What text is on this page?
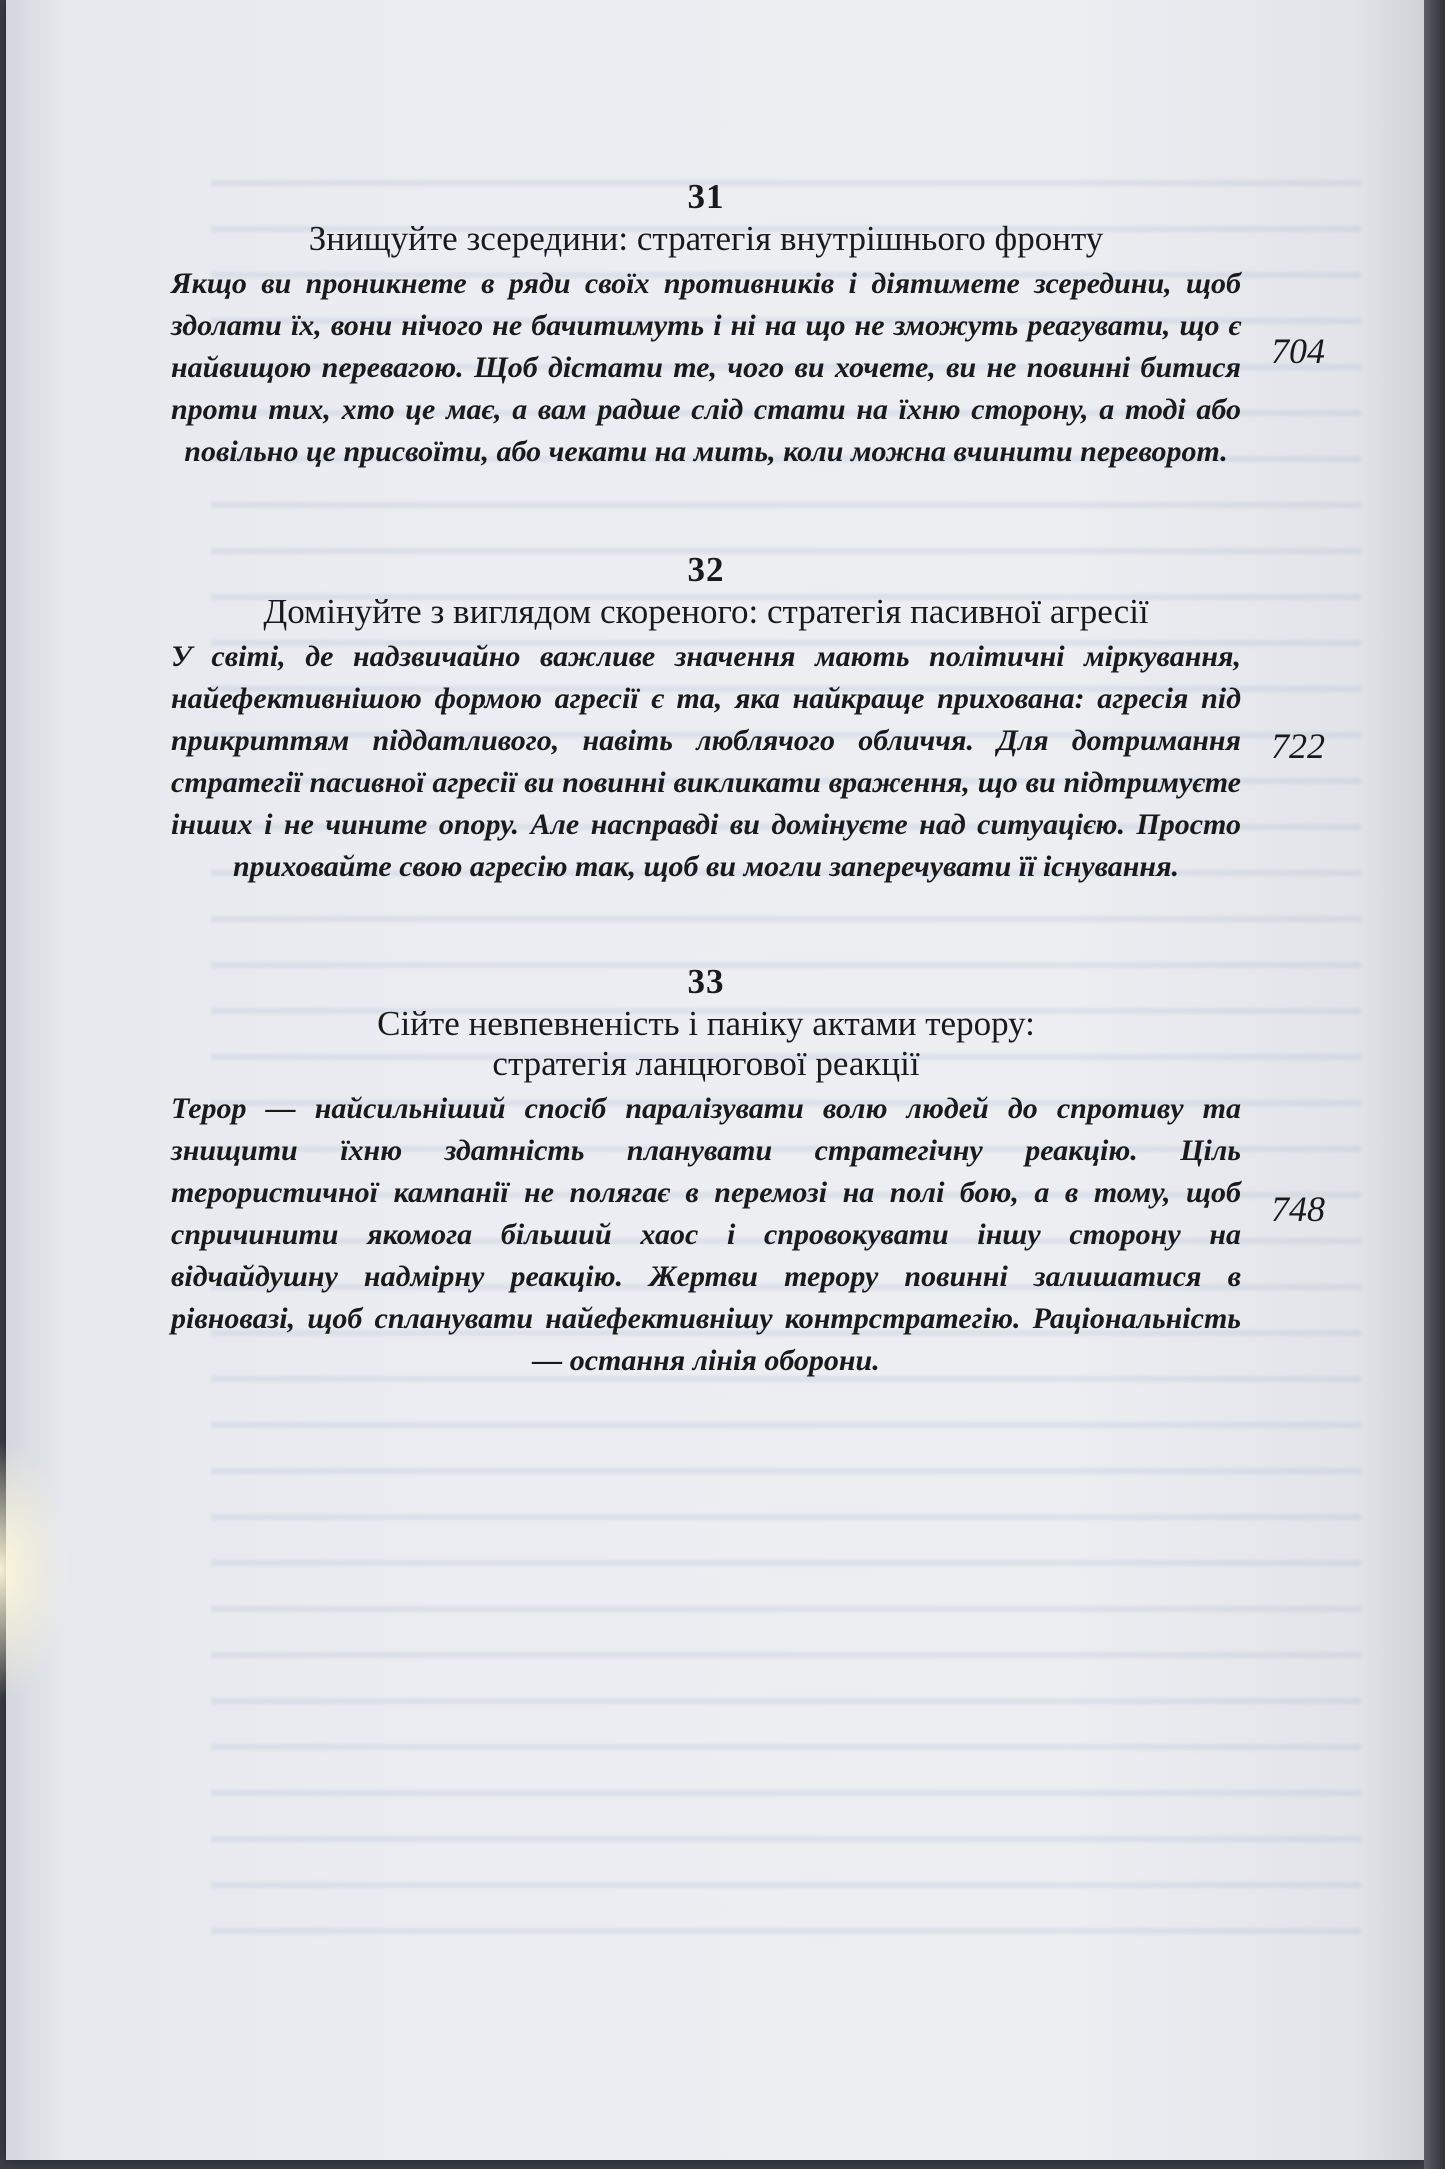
31
Знищуйте зсередини: стратегія внутрішнього фронту
Якщо ви проникнете в ряди своїх противників і діятимете зсередини, щоб здолати їх, вони нічого не бачитимуть і ні на що не зможуть реагувати, що є найвищою перевагою. Щоб дістати те, чого ви хочете, ви не повинні битися проти тих, хто це має, а вам радше слід стати на їхню сторону, а тоді або повільно це присвоїти, або чекати на мить, коли можна вчинити переворот.
704
32
Домінуйте з виглядом скореного: стратегія пасивної агресії
У світі, де надзвичайно важливе значення мають політичні міркування, найефективнішою формою агресії є та, яка найкраще прихована: агресія під прикриттям піддатливого, навіть люблячого обличчя. Для дотримання стратегії пасивної агресії ви повинні викликати враження, що ви підтримуєте інших і не чините опору. Але насправді ви домінуєте над ситуацією. Просто приховайте свою агресію так, щоб ви могли заперечувати її існування.
722
33
Сійте невпевненість і паніку актами терору:
стратегія ланцюгової реакції
Терор — найсильніший спосіб паралізувати волю людей до спротиву та знищити їхню здатність планувати стратегічну реакцію. Ціль терористичної кампанії не полягає в перемозі на полі бою, а в тому, щоб спричинити якомога більший хаос і спровокувати іншу сторону на відчайдушну надмірну реакцію. Жертви терору повинні залишатися в рівновазі, щоб спланувати найефективнішу контрстратегію. Раціональність — остання лінія оборони.
748
